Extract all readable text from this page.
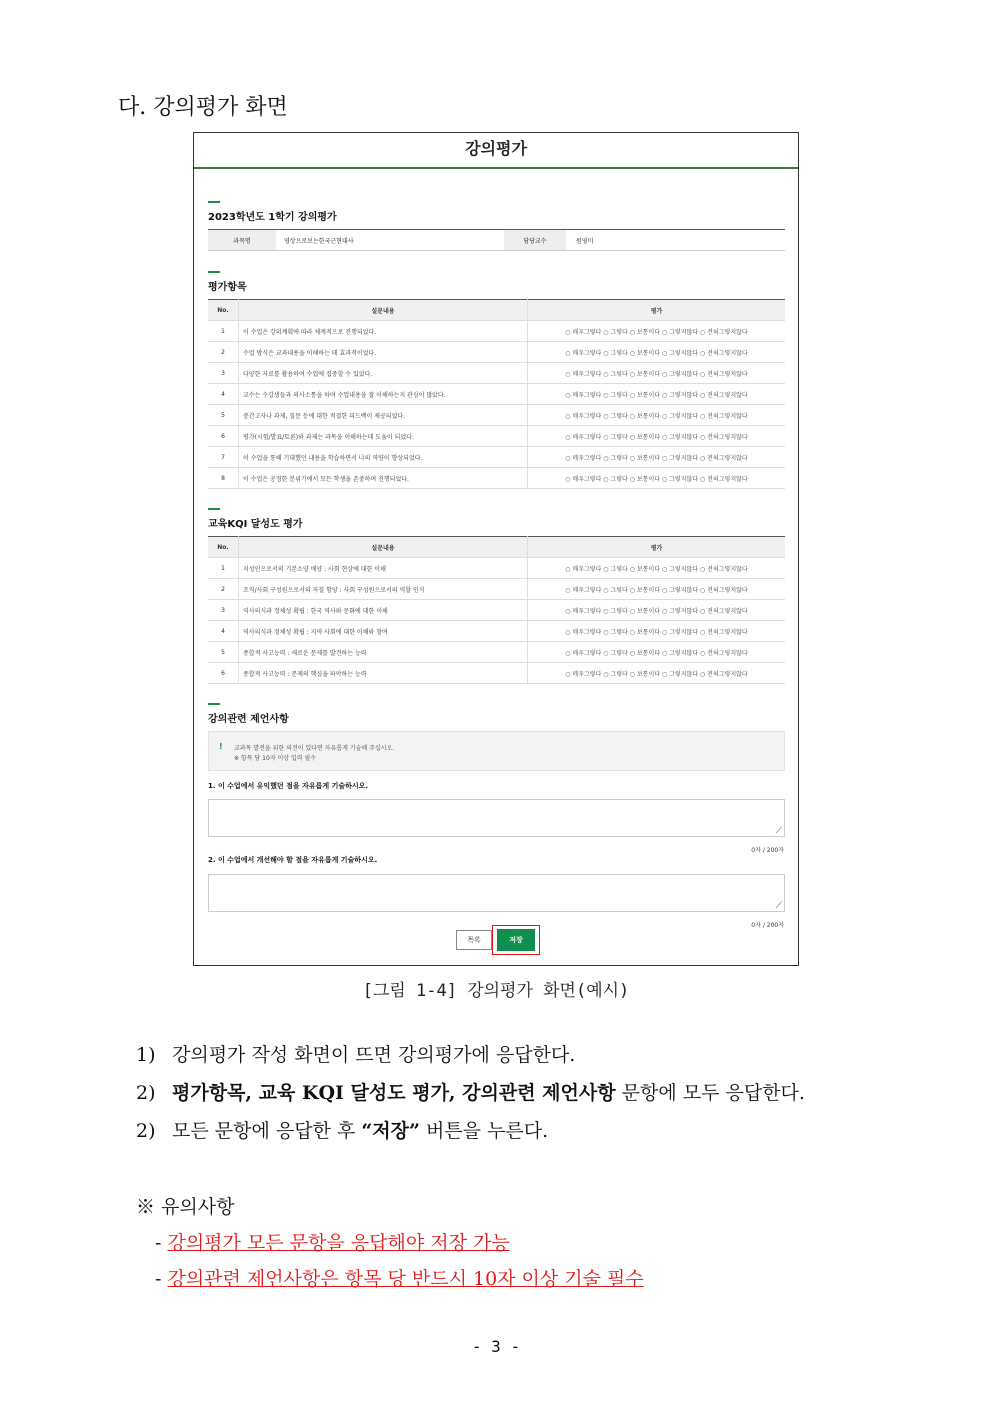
다. 강의평가 화면
강의평가
2023학년도 1학기 강의평가
과목명	영상으로보는한국근현대사	담당교수	원영미
평가항목
No.	설문내용	평가
1	이 수업은 강의계획에 따라 체계적으로 진행되었다.	○ 매우그렇다 ○ 그렇다 ○ 보통이다 ○ 그렇지않다 ○ 전혀그렇지않다
2	수업 방식은 교과내용을 이해하는 데 효과적이었다.	○ 매우그렇다 ○ 그렇다 ○ 보통이다 ○ 그렇지않다 ○ 전혀그렇지않다
3	다양한 자료를 활용하여 수업에 집중할 수 있었다.	○ 매우그렇다 ○ 그렇다 ○ 보통이다 ○ 그렇지않다 ○ 전혀그렇지않다
4	교수는 수강생들과 의사소통을 하며 수업내용을 잘 이해하는지 관심이 많았다.	○ 매우그렇다 ○ 그렇다 ○ 보통이다 ○ 그렇지않다 ○ 전혀그렇지않다
5	중간고사나 과제, 질문 등에 대한 적절한 피드백이 제공되었다.	○ 매우그렇다 ○ 그렇다 ○ 보통이다 ○ 그렇지않다 ○ 전혀그렇지않다
6	평가(시험/발표/토론)와 과제는 과목을 이해하는데 도움이 되었다.	○ 매우그렇다 ○ 그렇다 ○ 보통이다 ○ 그렇지않다 ○ 전혀그렇지않다
7	이 수업을 통해 기대했던 내용을 학습하면서 나의 역량이 향상되었다.	○ 매우그렇다 ○ 그렇다 ○ 보통이다 ○ 그렇지않다 ○ 전혀그렇지않다
8	이 수업은 공정한 분위기에서 모든 학생을 존중하며 진행되었다.	○ 매우그렇다 ○ 그렇다 ○ 보통이다 ○ 그렇지않다 ○ 전혀그렇지않다
교육KQI 달성도 평가
No.	설문내용	평가
1	지성인으로서의 기본소양 배양 : 사회 현상에 대한 이해	○ 매우그렇다 ○ 그렇다 ○ 보통이다 ○ 그렇지않다 ○ 전혀그렇지않다
2	조직/사회 구성원으로서의 자질 함양 : 사회 구성원으로서의 역할 인식	○ 매우그렇다 ○ 그렇다 ○ 보통이다 ○ 그렇지않다 ○ 전혀그렇지않다
3	역사의식과 정체성 확립 : 한국 역사와 문화에 대한 이해	○ 매우그렇다 ○ 그렇다 ○ 보통이다 ○ 그렇지않다 ○ 전혀그렇지않다
4	역사의식과 정체성 확립 : 지역 사회에 대한 이해와 참여	○ 매우그렇다 ○ 그렇다 ○ 보통이다 ○ 그렇지않다 ○ 전혀그렇지않다
5	종합적 사고능력 : 새로운 문제를 발견하는 능력	○ 매우그렇다 ○ 그렇다 ○ 보통이다 ○ 그렇지않다 ○ 전혀그렇지않다
6	종합적 사고능력 : 문제의 핵심을 파악하는 능력	○ 매우그렇다 ○ 그렇다 ○ 보통이다 ○ 그렇지않다 ○ 전혀그렇지않다
강의관련 제언사항
! 교과목 발전을 위한 의견이 있다면 자유롭게 기술해 주십시오.
※ 항목 당 10자 이상 입력 필수
1. 이 수업에서 유익했던 점을 자유롭게 기술하시오.
⟋
0자 / 200자
2. 이 수업에서 개선해야 할 점을 자유롭게 기술하시오.
⟋
0자 / 200자
목록	저장
[그림 1-4] 강의평가 화면(예시)
1) 강의평가 작성 화면이 뜨면 강의평가에 응답한다.
2) 평가항목, 교육 KQI 달성도 평가, 강의관련 제언사항 문항에 모두 응답한다.
2) 모든 문항에 응답한 후 “저장” 버튼을 누른다.
※ 유의사항
- 강의평가 모든 문항을 응답해야 저장 가능
- 강의관련 제언사항은 항목 당 반드시 10자 이상 기술 필수
- 3 -
